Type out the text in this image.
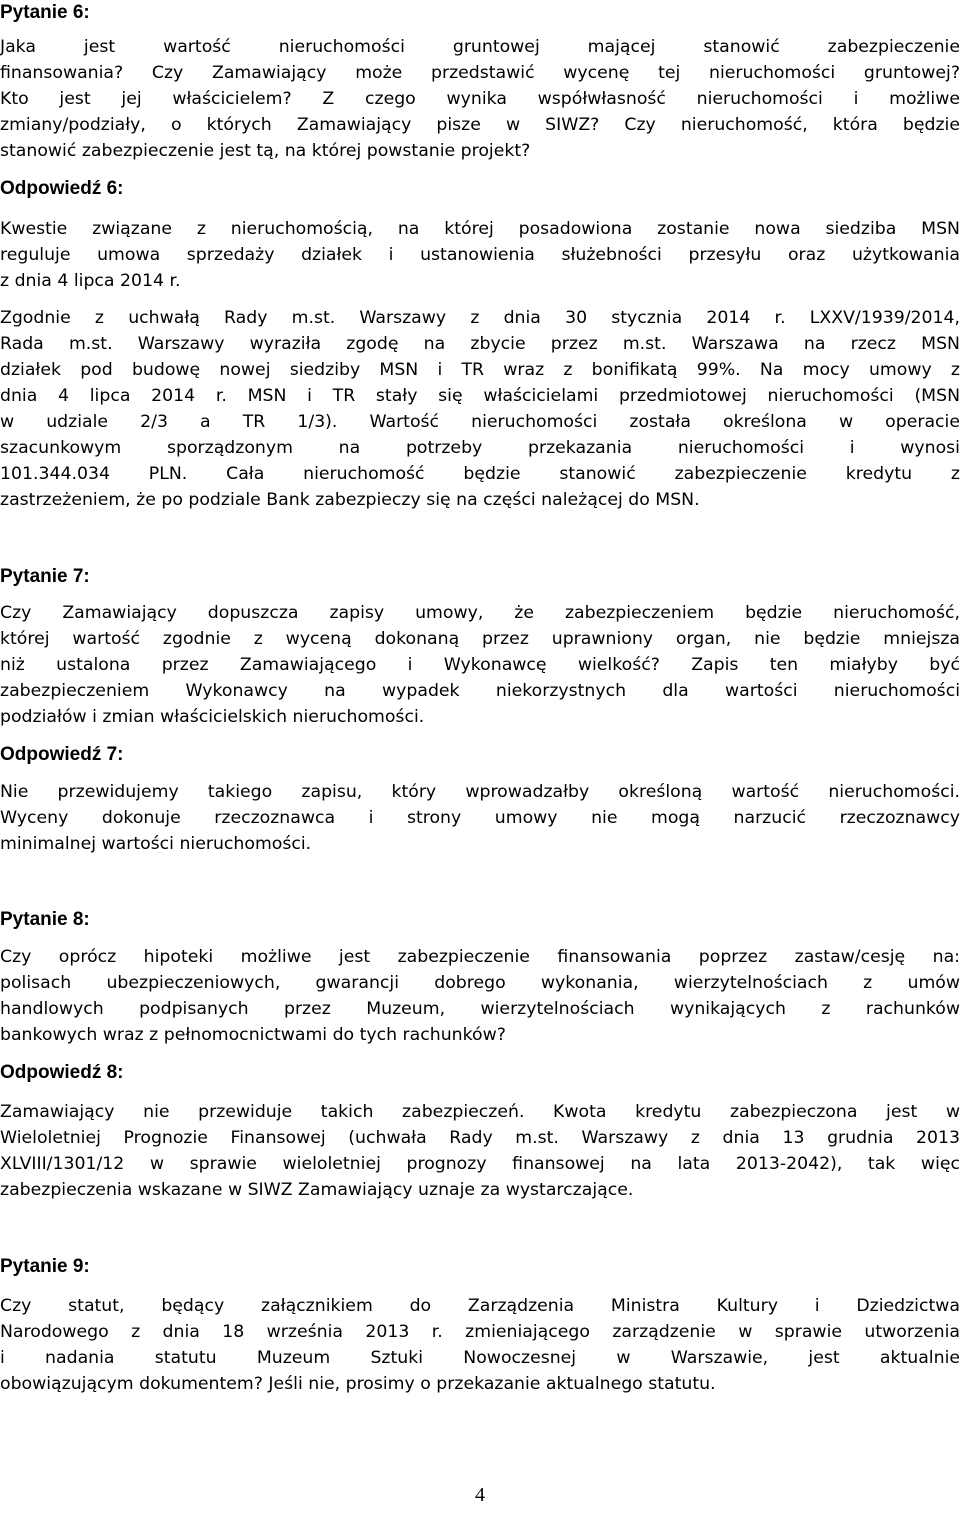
Pytanie 6:
Jaka jest wartość nieruchomości gruntowej mającej stanowić zabezpieczenie
finansowania? Czy Zamawiający może przedstawić wycenę tej nieruchomości gruntowej?
Kto jest jej właścicielem? Z czego wynika współwłasność nieruchomości i możliwe
zmiany/podziały, o których Zamawiający pisze w SIWZ? Czy nieruchomość, która będzie
stanowić zabezpieczenie jest tą, na której powstanie projekt?
Odpowiedź 6:
Kwestie związane z nieruchomością, na której posadowiona zostanie nowa siedziba MSN
reguluje umowa sprzedaży działek i ustanowienia służebności przesyłu oraz użytkowania
z dnia 4 lipca 2014 r.
Zgodnie z uchwałą Rady m.st. Warszawy z dnia 30 stycznia 2014 r. LXXV/1939/2014,
Rada m.st. Warszawy wyraziła zgodę na zbycie przez m.st. Warszawa na rzecz MSN
działek pod budowę nowej siedziby MSN i TR wraz z bonifikatą 99%. Na mocy umowy z
dnia 4 lipca 2014 r. MSN i TR stały się właścicielami przedmiotowej nieruchomości (MSN
w udziale 2/3 a TR 1/3). Wartość nieruchomości została określona w operacie
szacunkowym sporządzonym na potrzeby przekazania nieruchomości i wynosi
101.344.034 PLN. Cała nieruchomość będzie stanowić zabezpieczenie kredytu z
zastrzeżeniem, że po podziale Bank zabezpieczy się na części należącej do MSN.
Pytanie 7:
Czy Zamawiający dopuszcza zapisy umowy, że zabezpieczeniem będzie nieruchomość,
której wartość zgodnie z wyceną dokonaną przez uprawniony organ, nie będzie mniejsza
niż ustalona przez Zamawiającego i Wykonawcę wielkość? Zapis ten miałyby być
zabezpieczeniem Wykonawcy na wypadek niekorzystnych dla wartości nieruchomości
podziałów i zmian właścicielskich nieruchomości.
Odpowiedź 7:
Nie przewidujemy takiego zapisu, który wprowadzałby określoną wartość nieruchomości.
Wyceny dokonuje rzeczoznawca i strony umowy nie mogą narzucić rzeczoznawcy
minimalnej wartości nieruchomości.
Pytanie 8:
Czy oprócz hipoteki możliwe jest zabezpieczenie finansowania poprzez zastaw/cesję na:
polisach ubezpieczeniowych, gwarancji dobrego wykonania, wierzytelnościach z umów
handlowych podpisanych przez Muzeum, wierzytelnościach wynikających z rachunków
bankowych wraz z pełnomocnictwami do tych rachunków?
Odpowiedź 8:
Zamawiający nie przewiduje takich zabezpieczeń. Kwota kredytu zabezpieczona jest w
Wieloletniej Prognozie Finansowej (uchwała Rady m.st. Warszawy z dnia 13 grudnia 2013
XLVIII/1301/12 w sprawie wieloletniej prognozy finansowej na lata 2013-2042), tak więc
zabezpieczenia wskazane w SIWZ Zamawiający uznaje za wystarczające.
Pytanie 9:
Czy statut, będący załącznikiem do Zarządzenia Ministra Kultury i Dziedzictwa
Narodowego z dnia 18 września 2013 r. zmieniającego zarządzenie w sprawie utworzenia
i nadania statutu Muzeum Sztuki Nowoczesnej w Warszawie, jest aktualnie
obowiązującym dokumentem? Jeśli nie, prosimy o przekazanie aktualnego statutu.
4
